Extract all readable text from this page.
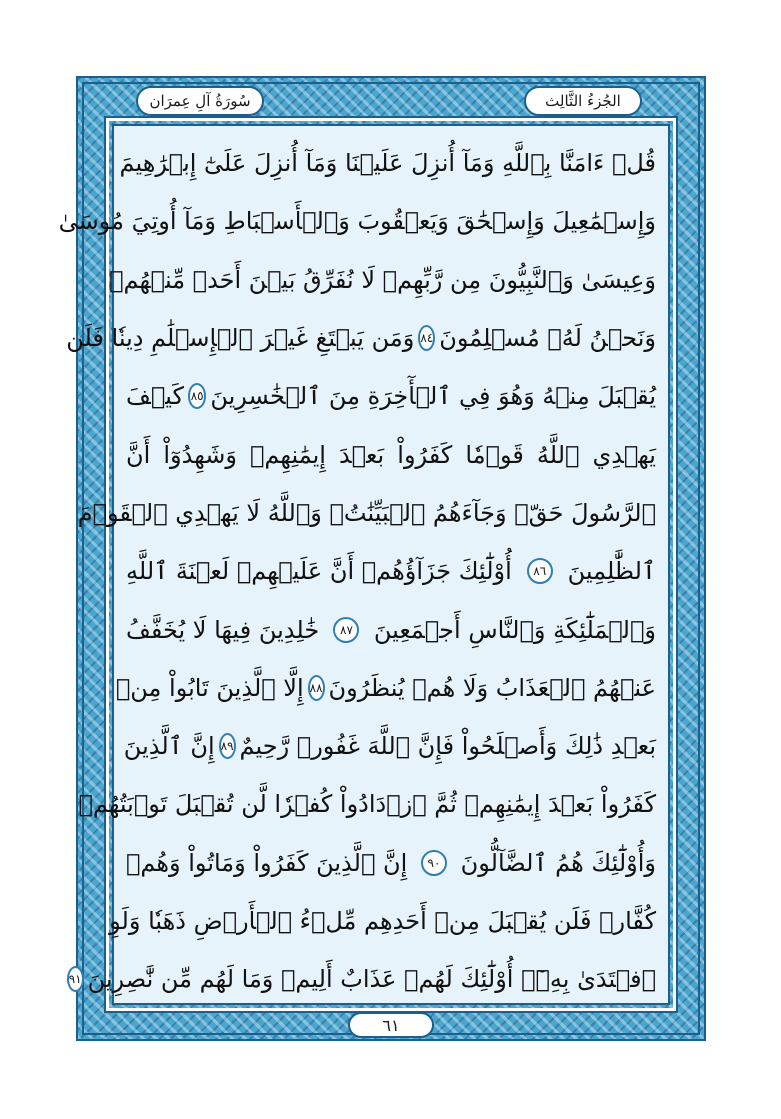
الجُزءُ الثَّالِث
سُورَةُ آلِ عِمرَان
قُلۡ ءَامَنَّا بِٱللَّهِ وَمَآ أُنزِلَ عَلَيۡنَا وَمَآ أُنزِلَ عَلَىٰٓ إِبۡرَٰهِيمَ
وَإِسۡمَٰعِيلَ وَإِسۡحَٰقَ وَيَعۡقُوبَ وَٱلۡأَسۡبَاطِ وَمَآ أُوتِيَ مُوسَىٰ
وَعِيسَىٰ وَٱلنَّبِيُّونَ مِن رَّبِّهِمۡ لَا نُفَرِّقُ بَيۡنَ أَحَدٖ مِّنۡهُمۡ
وَنَحۡنُ لَهُۥ مُسۡلِمُونَ
٨٤
وَمَن يَبۡتَغِ غَيۡرَ ٱلۡإِسۡلَٰمِ دِينٗا فَلَن
يُقۡبَلَ مِنۡهُ وَهُوَ فِي ٱلۡأٓخِرَةِ مِنَ ٱلۡخَٰسِرِينَ
٨٥
كَيۡفَ
يَهۡدِي ٱللَّهُ قَوۡمٗا كَفَرُواْ بَعۡدَ إِيمَٰنِهِمۡ وَشَهِدُوٓاْ أَنَّ
ٱلرَّسُولَ حَقّٞ وَجَآءَهُمُ ٱلۡبَيِّنَٰتُۚ وَٱللَّهُ لَا يَهۡدِي ٱلۡقَوۡمَ
ٱلظَّٰلِمِينَ
٨٦
أُوْلَٰٓئِكَ جَزَآؤُهُمۡ أَنَّ عَلَيۡهِمۡ لَعۡنَةَ ٱللَّهِ
وَٱلۡمَلَٰٓئِكَةِ وَٱلنَّاسِ أَجۡمَعِينَ
٨٧
خَٰلِدِينَ فِيهَا لَا يُخَفَّفُ
عَنۡهُمُ ٱلۡعَذَابُ وَلَا هُمۡ يُنظَرُونَ
٨٨
إِلَّا ٱلَّذِينَ تَابُواْ مِنۢ
بَعۡدِ ذَٰلِكَ وَأَصۡلَحُواْ فَإِنَّ ٱللَّهَ غَفُورٞ رَّحِيمٌ
٨٩
إِنَّ ٱلَّذِينَ
كَفَرُواْ بَعۡدَ إِيمَٰنِهِمۡ ثُمَّ ٱزۡدَادُواْ كُفۡرٗا لَّن تُقۡبَلَ تَوۡبَتُهُمۡ
وَأُوْلَٰٓئِكَ هُمُ ٱلضَّآلُّونَ
٩٠
إِنَّ ٱلَّذِينَ كَفَرُواْ وَمَاتُواْ وَهُمۡ
كُفَّارٞ فَلَن يُقۡبَلَ مِنۡ أَحَدِهِم مِّلۡءُ ٱلۡأَرۡضِ ذَهَبٗا وَلَوِ
ٱفۡتَدَىٰ بِهِۦٓۗ أُوْلَٰٓئِكَ لَهُمۡ عَذَابٌ أَلِيمٞ وَمَا لَهُم مِّن نَّٰصِرِينَ
٩١
٦١
